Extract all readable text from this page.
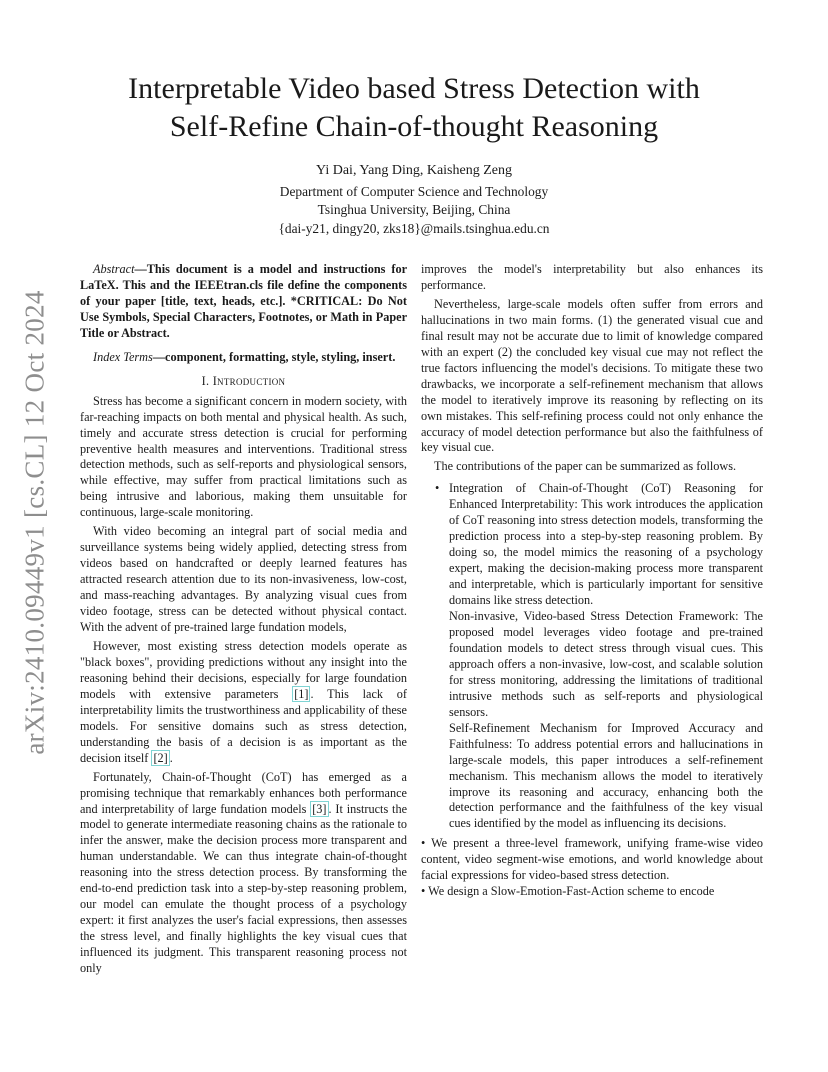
arXiv:2410.09449v1 [cs.CL] 12 Oct 2024
Interpretable Video based Stress Detection with
Self-Refine Chain-of-thought Reasoning
Yi Dai, Yang Ding, Kaisheng Zeng
Department of Computer Science and Technology
Tsinghua University, Beijing, China
{dai-y21, dingy20, zks18}@mails.tsinghua.edu.cn

Abstract—This document is a model and instructions for LaTeX. This and the IEEEtran.cls file define the components of your paper [title, text, heads, etc.]. *CRITICAL: Do Not Use Symbols, Special Characters, Footnotes, or Math in Paper Title or Abstract.

Index Terms—component, formatting, style, styling, insert.

I. Introduction

Stress has become a significant concern in modern society, with far-reaching impacts on both mental and physical health. As such, timely and accurate stress detection is crucial for performing preventive health measures and interventions. Traditional stress detection methods, such as self-reports and physiological sensors, while effective, may suffer from practical limitations such as being intrusive and laborious, making them unsuitable for continuous, large-scale monitoring.

With video becoming an integral part of social media and surveillance systems being widely applied, detecting stress from videos based on handcrafted or deeply learned features has attracted research attention due to its non-invasiveness, low-cost, and mass-reaching advantages. By analyzing visual cues from video footage, stress can be detected without physical contact. With the advent of pre-trained large fundation models,

However, most existing stress detection models operate as "black boxes", providing predictions without any insight into the reasoning behind their decisions, especially for large foundation models with extensive parameters [1] . This lack of interpretability limits the trustworthiness and applicability of these models. For sensitive domains such as stress detection, understanding the basis of a decision is as important as the decision itself [2] .

Fortunately, Chain-of-Thought (CoT) has emerged as a promising technique that remarkably enhances both performance and interpretability of large fundation models [3] . It instructs the model to generate intermediate reasoning chains as the rationale to infer the answer, make the decision process more transparent and human understandable. We can thus integrate chain-of-thought reasoning into the stress detection process. By transforming the end-to-end prediction task into a step-by-step reasoning problem, our model can emulate the thought process of a psychology expert: it first analyzes the user's facial expressions, then assesses the stress level, and finally highlights the key visual cues that influenced its judgment. This transparent reasoning process not only

improves the model's interpretability but also enhances its performance.

Nevertheless, large-scale models often suffer from errors and hallucinations in two main forms. (1) the generated visual cue and final result may not be accurate due to limit of knowledge compared with an expert (2) the concluded key visual cue may not reflect the true factors influencing the model's decisions. To mitigate these two drawbacks, we incorporate a self-refinement mechanism that allows the model to iteratively improve its reasoning by reflecting on its own mistakes. This self-refining process could not only enhance the accuracy of model detection performance but also the faithfulness of key visual cue.

The contributions of the paper can be summarized as follows.

• Integration of Chain-of-Thought (CoT) Reasoning for Enhanced Interpretability: This work introduces the application of CoT reasoning into stress detection models, transforming the prediction process into a step-by-step reasoning problem. By doing so, the model mimics the reasoning of a psychology expert, making the decision-making process more transparent and interpretable, which is particularly important for sensitive domains like stress detection.
Non-invasive, Video-based Stress Detection Framework: The proposed model leverages video footage and pre-trained foundation models to detect stress through visual cues. This approach offers a non-invasive, low-cost, and scalable solution for stress monitoring, addressing the limitations of traditional intrusive methods such as self-reports and physiological sensors.
Self-Refinement Mechanism for Improved Accuracy and Faithfulness: To address potential errors and hallucinations in large-scale models, this paper introduces a self-refinement mechanism. This mechanism allows the model to iteratively improve its reasoning and accuracy, enhancing both the detection performance and the faithfulness of the key visual cues identified by the model as influencing its decisions.

• We present a three-level framework, unifying frame-wise video content, video segment-wise emotions, and world knowledge about facial expressions for video-based stress detection.

• We design a Slow-Emotion-Fast-Action scheme to encode
